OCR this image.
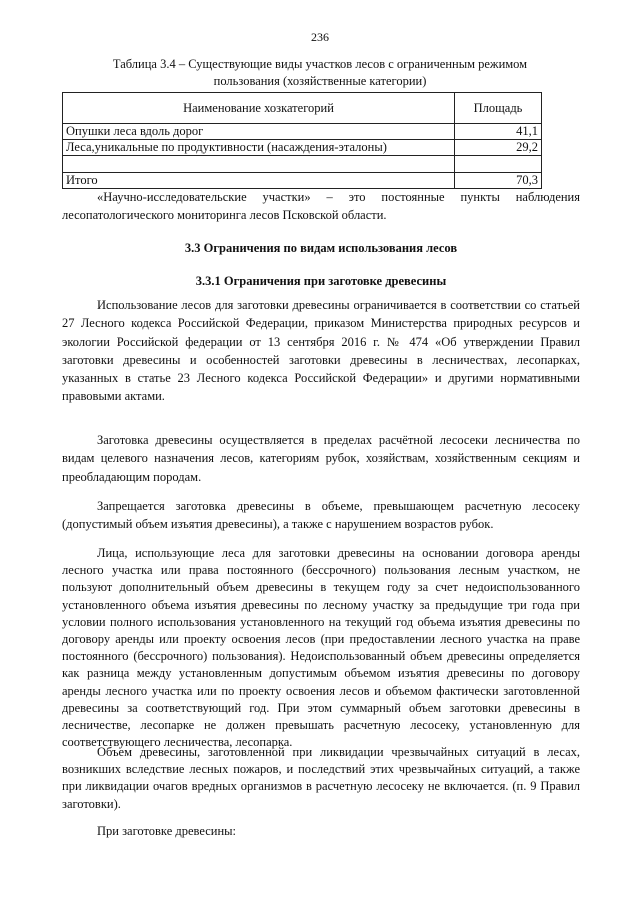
236
Таблица 3.4 – Существующие виды участков лесов с ограниченным режимом
пользования (хозяйственные категории)
Наименование хозкатегорий	Площадь
Опушки леса вдоль дорог	41,1
Леса,уникальные по продуктивности (насаждения-эталоны)	29,2

Итого	70,3

«Научно-исследовательские участки» – это постоянные пункты наблюдения лесопатологического мониторинга лесов Псковской области.

3.3 Ограничения по видам использования лесов
3.3.1 Ограничения при заготовке древесины

Использование лесов для заготовки древесины ограничивается в соответствии со статьей 27 Лесного кодекса Российской Федерации, приказом Министерства природных ресурсов и экологии Российской федерации от 13 сентября 2016 г. № 474 «Об утверждении Правил заготовки древесины и особенностей заготовки древесины в лесничествах, лесопарках, указанных в статье 23 Лесного кодекса Российской Федерации» и другими нормативными правовыми актами.

Заготовка древесины осуществляется в пределах расчётной лесосеки лесничества по видам целевого назначения лесов, категориям рубок, хозяйствам, хозяйственным секциям и преобладающим породам.

Запрещается заготовка древесины в объеме, превышающем расчетную лесосеку (допустимый объем изъятия древесины), а также с нарушением возрастов рубок.

Лица, использующие леса для заготовки древесины на основании договора аренды лесного участка или права постоянного (бессрочного) пользования лесным участком, не пользуют дополнительный объем древесины в текущем году за счет недоиспользованного установленного объема изъятия древесины по лесному участку за предыдущие три года при условии полного использования установленного на текущий год объема изъятия древесины по договору аренды или проекту освоения лесов (при предоставлении лесного участка на праве постоянного (бессрочного) пользования). Недоиспользованный объем древесины определяется как разница между установленным допустимым объемом изъятия древесины по договору аренды лесного участка или по проекту освоения лесов и объемом фактически заготовленной древесины за соответствующий год. При этом суммарный объем заготовки древесины в лесничестве, лесопарке не должен превышать расчетную лесосеку, установленную для соответствующего лесничества, лесопарка.

Объем древесины, заготовленной при ликвидации чрезвычайных ситуаций в лесах, возникших вследствие лесных пожаров, и последствий этих чрезвычайных ситуаций, а также при ликвидации очагов вредных организмов в расчетную лесосеку не включается. (п. 9 Правил заготовки).

При заготовке древесины:
